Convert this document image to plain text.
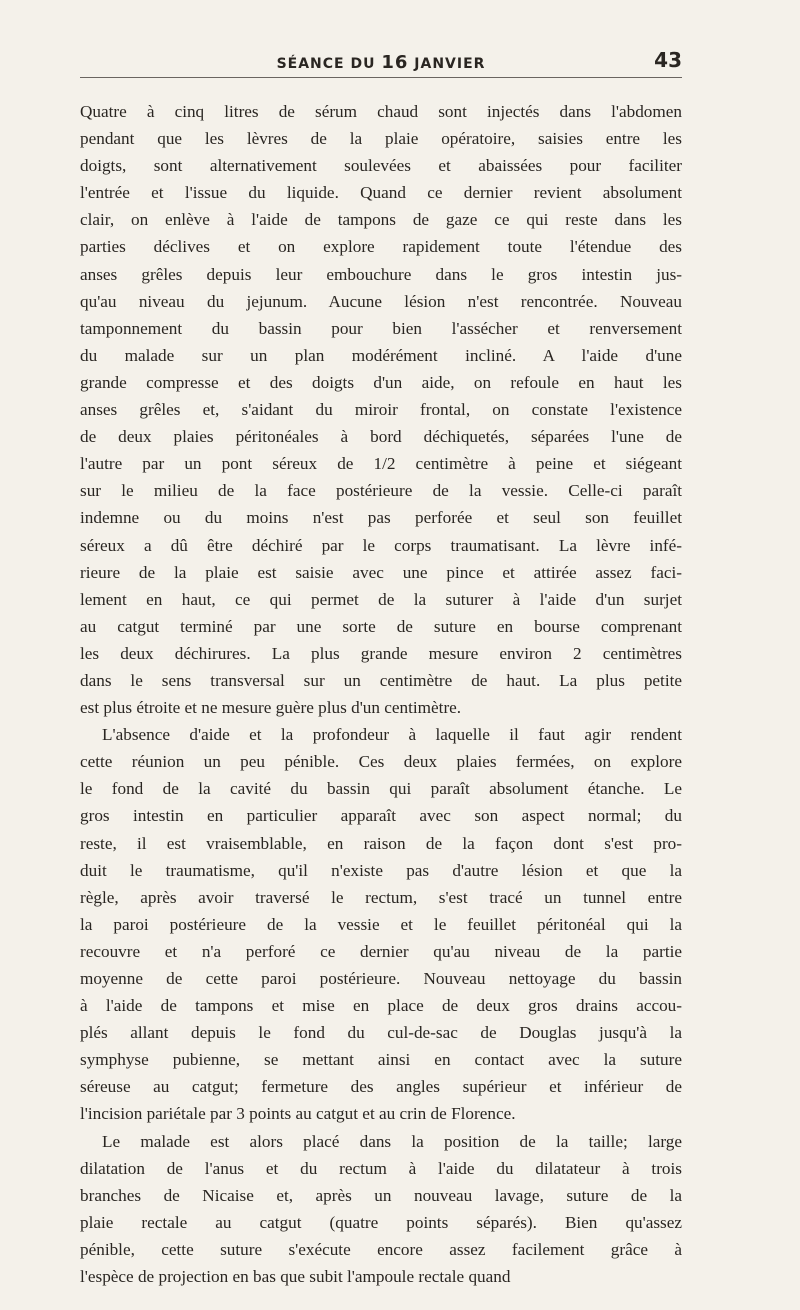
SÉANCE DU 16 JANVIER	43
Quatre à cinq litres de sérum chaud sont injectés dans l'abdomen
pendant que les lèvres de la plaie opératoire, saisies entre les
doigts, sont alternativement soulevées et abaissées pour faciliter
l'entrée et l'issue du liquide. Quand ce dernier revient absolument
clair, on enlève à l'aide de tampons de gaze ce qui reste dans les
parties déclives et on explore rapidement toute l'étendue des
anses grêles depuis leur embouchure dans le gros intestin jus-
qu'au niveau du jejunum. Aucune lésion n'est rencontrée. Nouveau
tamponnement du bassin pour bien l'assécher et renversement
du malade sur un plan modérément incliné. A l'aide d'une
grande compresse et des doigts d'un aide, on refoule en haut les
anses grêles et, s'aidant du miroir frontal, on constate l'existence
de deux plaies péritonéales à bord déchiquetés, séparées l'une de
l'autre par un pont séreux de 1/2 centimètre à peine et siégeant
sur le milieu de la face postérieure de la vessie. Celle-ci paraît
indemne ou du moins n'est pas perforée et seul son feuillet
séreux a dû être déchiré par le corps traumatisant. La lèvre infé-
rieure de la plaie est saisie avec une pince et attirée assez faci-
lement en haut, ce qui permet de la suturer à l'aide d'un surjet
au catgut terminé par une sorte de suture en bourse comprenant
les deux déchirures. La plus grande mesure environ 2 centimètres
dans le sens transversal sur un centimètre de haut. La plus petite
est plus étroite et ne mesure guère plus d'un centimètre.
L'absence d'aide et la profondeur à laquelle il faut agir rendent
cette réunion un peu pénible. Ces deux plaies fermées, on explore
le fond de la cavité du bassin qui paraît absolument étanche. Le
gros intestin en particulier apparaît avec son aspect normal; du
reste, il est vraisemblable, en raison de la façon dont s'est pro-
duit le traumatisme, qu'il n'existe pas d'autre lésion et que la
règle, après avoir traversé le rectum, s'est tracé un tunnel entre
la paroi postérieure de la vessie et le feuillet péritonéal qui la
recouvre et n'a perforé ce dernier qu'au niveau de la partie
moyenne de cette paroi postérieure. Nouveau nettoyage du bassin
à l'aide de tampons et mise en place de deux gros drains accou-
plés allant depuis le fond du cul-de-sac de Douglas jusqu'à la
symphyse pubienne, se mettant ainsi en contact avec la suture
séreuse au catgut; fermeture des angles supérieur et inférieur de
l'incision pariétale par 3 points au catgut et au crin de Florence.
Le malade est alors placé dans la position de la taille; large
dilatation de l'anus et du rectum à l'aide du dilatateur à trois
branches de Nicaise et, après un nouveau lavage, suture de la
plaie rectale au catgut (quatre points séparés). Bien qu'assez
pénible, cette suture s'exécute encore assez facilement grâce à
l'espèce de projection en bas que subit l'ampoule rectale quand
